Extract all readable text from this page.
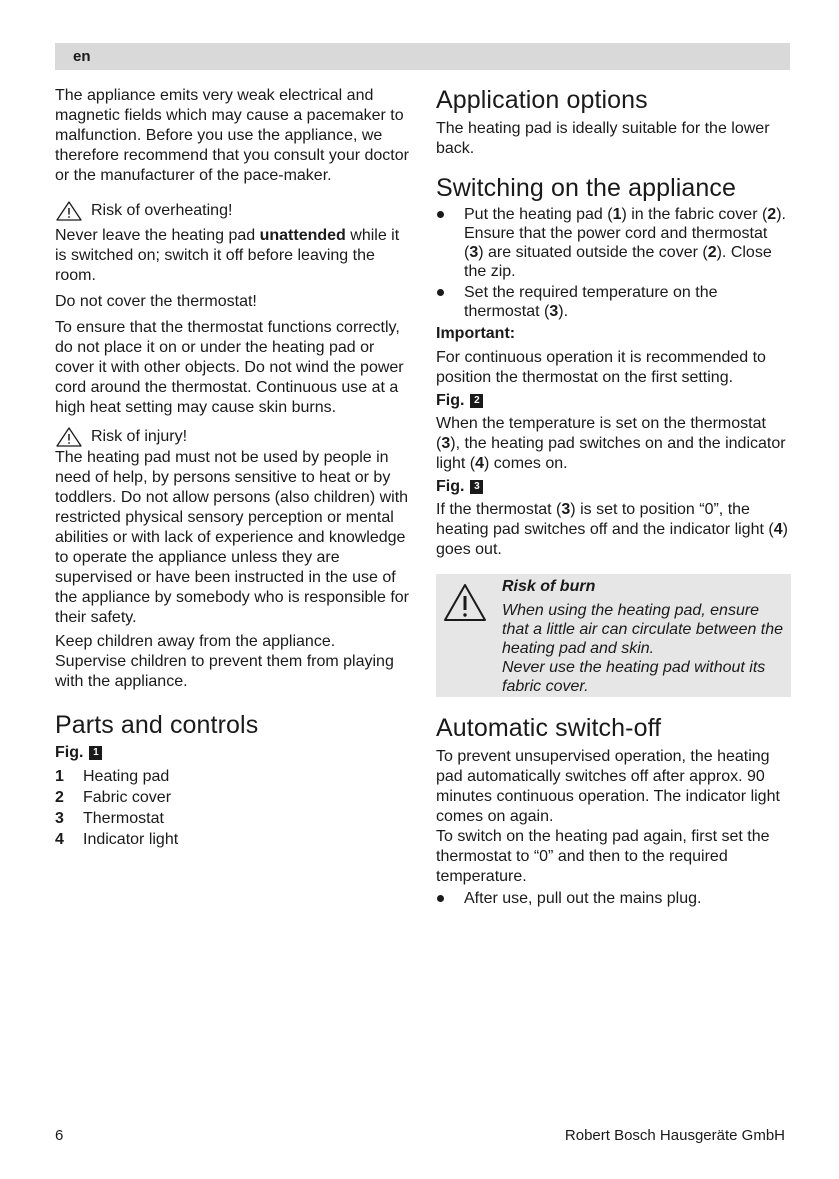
en

The appliance emits very weak electrical and magnetic fields which may cause a pacemaker to malfunction. Before you use the appliance, we therefore recommend that you consult your doctor or the manufacturer of the pace-maker.

Risk of overheating!

Never leave the heating pad unattended while it is switched on; switch it off before leaving the room.

Do not cover the thermostat!

To ensure that the thermostat functions correctly, do not place it on or under the heating pad or cover it with other objects. Do not wind the power cord around the thermostat. Continuous use at a high heat setting may cause skin burns.

Risk of injury!

The heating pad must not be used by people in need of help, by persons sensitive to heat or by toddlers. Do not allow persons (also children) with restricted physical sensory perception or mental abilities or with lack of experience and knowledge to operate the appliance unless they are supervised or have been instructed in the use of the appliance by somebody who is responsible for their safety.

Keep children away from the appliance. Supervise children to prevent them from playing with the appliance.

Parts and controls
Fig. 1
1	Heating pad
2	Fabric cover
3	Thermostat
4	Indicator light
Application options

The heating pad is ideally suitable for the lower back.

Switching on the appliance
Put the heating pad (1) in the fabric cover (2). Ensure that the power cord and thermostat (3) are situated outside the cover (2). Close the zip.
Set the required temperature on the thermostat (3).

Important:

For continuous operation it is recommended to position the thermostat on the first setting.

Fig. 2

When the temperature is set on the thermostat (3), the heating pad switches on and the indicator light (4) comes on.

Fig. 3

If the thermostat (3) is set to position “0”, the heating pad switches off and the indicator light (4) goes out.

Risk of burn

When using the heating pad, ensure that a little air can circulate between the heating pad and skin.

Never use the heating pad without its fabric cover.

Automatic switch-off

To prevent unsupervised operation, the heating pad automatically switches off after approx. 90 minutes continuous operation. The indicator light comes on again.

To switch on the heating pad again, first set the thermostat to “0” and then to the required temperature.

After use, pull out the mains plug.
6	Robert Bosch Hausgeräte GmbH
